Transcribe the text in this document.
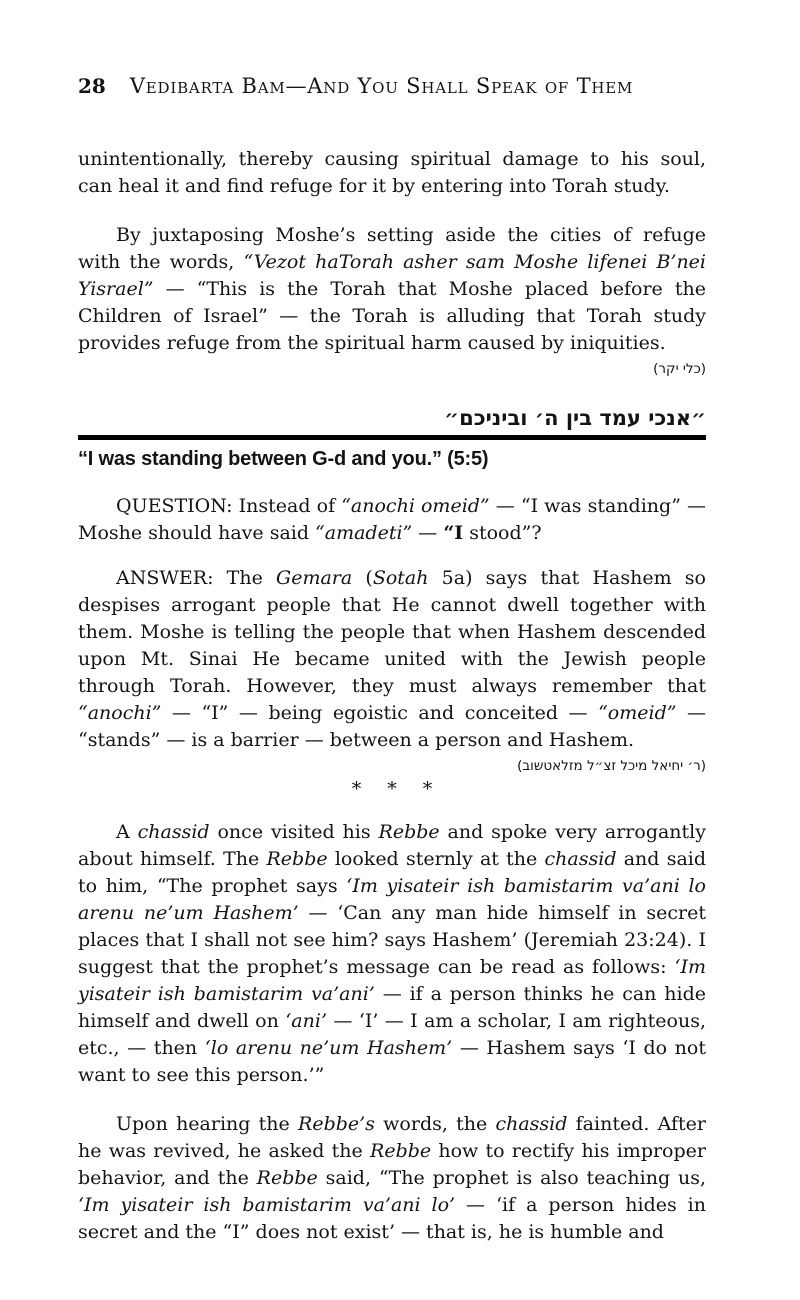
28 Vedibarta Bam—And You Shall Speak of Them

unintentionally, thereby causing spiritual damage to his soul, can heal it and find refuge for it by entering into Torah study.

By juxtaposing Moshe’s setting aside the cities of refuge with the words, “Vezot haTorah asher sam Moshe lifenei B’nei Yisrael” — “This is the Torah that Moshe placed before the Children of Israel” — the Torah is alluding that Torah study provides refuge from the spiritual harm caused by iniquities.

(כלי יקר)
״אנכי עמד בין ה׳ וביניכם״
“I was standing between G-d and you.” (5:5)

QUESTION: Instead of “anochi omeid” — “I was standing” — Moshe should have said “amadeti” — “I stood”?

ANSWER: The Gemara (Sotah 5a) says that Hashem so despises arrogant people that He cannot dwell together with them. Moshe is telling the people that when Hashem descended upon Mt. Sinai He became united with the Jewish people through Torah. However, they must always remember that “anochi” — “I” — being egoistic and conceited — “omeid” — “stands” — is a barrier — between a person and Hashem.

(ר׳ יחיאל מיכל זצ״ל מזלאטשוב)
* * *

A chassid once visited his Rebbe and spoke very arrogantly about himself. The Rebbe looked sternly at the chassid and said to him, “The prophet says ‘Im yisateir ish bamistarim va’ani lo arenu ne’um Hashem’ — ‘Can any man hide himself in secret places that I shall not see him? says Hashem’ (Jeremiah 23:24). I suggest that the prophet’s message can be read as follows: ‘Im yisateir ish bamistarim va’ani’ — if a person thinks he can hide himself and dwell on ‘ani’ — ‘I’ — I am a scholar, I am righteous, etc., — then ‘lo arenu ne’um Hashem’ — Hashem says ‘I do not want to see this person.’”

Upon hearing the Rebbe’s words, the chassid fainted. After he was revived, he asked the Rebbe how to rectify his improper behavior, and the Rebbe said, “The prophet is also teaching us, ‘Im yisateir ish bamistarim va’ani lo’ — ‘if a person hides in secret and the “I” does not exist’ — that is, he is humble and
